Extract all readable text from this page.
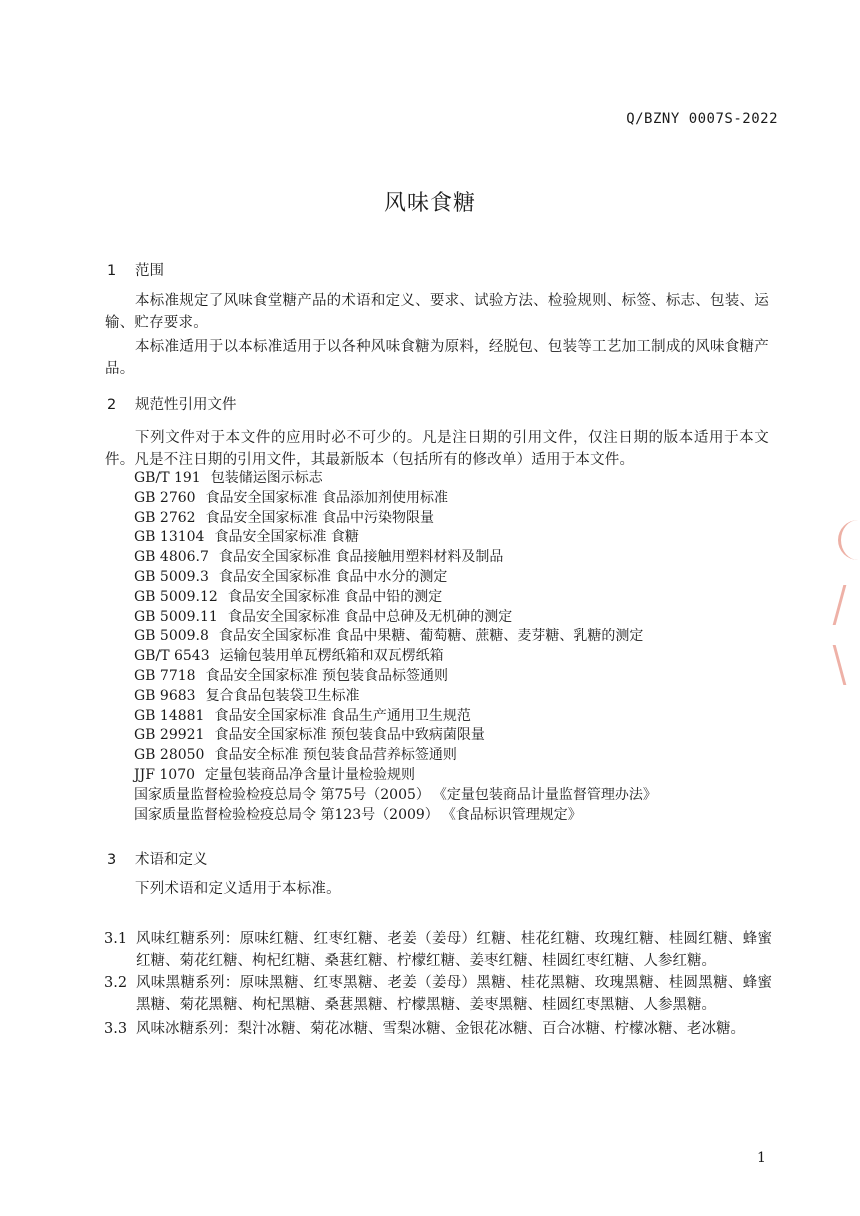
Q/BZNY 0007S-2022
风味食糖
1 范围
本标准规定了风味食堂糖产品的术语和定义、要求、试验方法、检验规则、标签、标志、包装、运输、贮存要求。
本标准适用于以本标准适用于以各种风味食糖为原料，经脱包、包装等工艺加工制成的风味食糖产品。
2 规范性引用文件
下列文件对于本文件的应用时必不可少的。凡是注日期的引用文件，仅注日期的版本适用于本文件。凡是不注日期的引用文件，其最新版本（包括所有的修改单）适用于本文件。
GB/T 191 包装储运图示标志
GB 2760 食品安全国家标准 食品添加剂使用标准
GB 2762 食品安全国家标准 食品中污染物限量
GB 13104 食品安全国家标准 食糖
GB 4806.7 食品安全国家标准 食品接触用塑料材料及制品
GB 5009.3 食品安全国家标准 食品中水分的测定
GB 5009.12 食品安全国家标准 食品中铅的测定
GB 5009.11 食品安全国家标准 食品中总砷及无机砷的测定
GB 5009.8 食品安全国家标准 食品中果糖、葡萄糖、蔗糖、麦芽糖、乳糖的测定
GB/T 6543 运输包装用单瓦楞纸箱和双瓦楞纸箱
GB 7718 食品安全国家标准 预包装食品标签通则
GB 9683 复合食品包装袋卫生标准
GB 14881 食品安全国家标准 食品生产通用卫生规范
GB 29921 食品安全国家标准 预包装食品中致病菌限量
GB 28050 食品安全标准 预包装食品营养标签通则
JJF 1070 定量包装商品净含量计量检验规则
国家质量监督检验检疫总局令 第75号（2005） 《定量包装商品计量监督管理办法》
国家质量监督检验检疫总局令 第123号（2009） 《食品标识管理规定》
3 术语和定义
下列术语和定义适用于本标准。
3.1 风味红糖系列：原味红糖、红枣红糖、老姜（姜母）红糖、桂花红糖、玫瑰红糖、桂圆红糖、蜂蜜红糖、菊花红糖、枸杞红糖、桑葚红糖、柠檬红糖、姜枣红糖、桂圆红枣红糖、人参红糖。
3.2 风味黑糖系列：原味黑糖、红枣黑糖、老姜（姜母）黑糖、桂花黑糖、玫瑰黑糖、桂圆黑糖、蜂蜜黑糖、菊花黑糖、枸杞黑糖、桑葚黑糖、柠檬黑糖、姜枣黑糖、桂圆红枣黑糖、人参黑糖。
3.3 风味冰糖系列：梨汁冰糖、菊花冰糖、雪梨冰糖、金银花冰糖、百合冰糖、柠檬冰糖、老冰糖。
1
